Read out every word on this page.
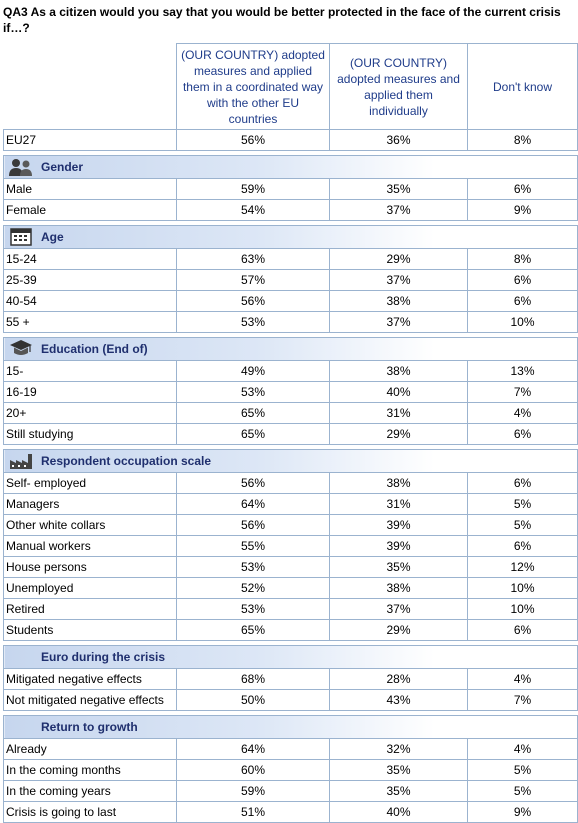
QA3 As a citizen would you say that you would be better protected in the face of the current crisis if…?
	(OUR COUNTRY) adopted measures and applied them in a coordinated way with the other EU countries	(OUR COUNTRY) adopted measures and applied them individually	Don't know
EU27	56%	36%	8%

Gender			

Male	59%	35%	6%
Female	54%	37%	9%

Age			

15-24	63%	29%	8%
25-39	57%	37%	6%
40-54	56%	38%	6%
55 +	53%	37%	10%

Education (End of)			

15-	49%	38%	13%
16-19	53%	40%	7%
20+	65%	31%	4%
Still studying	65%	29%	6%

Respondent occupation scale			

Self- employed	56%	38%	6%
Managers	64%	31%	5%
Other white collars	56%	39%	5%
Manual workers	55%	39%	6%
House persons	53%	35%	12%
Unemployed	52%	38%	10%
Retired	53%	37%	10%
Students	65%	29%	6%

Euro during the crisis			

Mitigated negative effects	68%	28%	4%
Not mitigated negative effects	50%	43%	7%

Return to growth			

Already	64%	32%	4%
In the coming months	60%	35%	5%
In the coming years	59%	35%	5%
Crisis is going to last	51%	40%	9%
